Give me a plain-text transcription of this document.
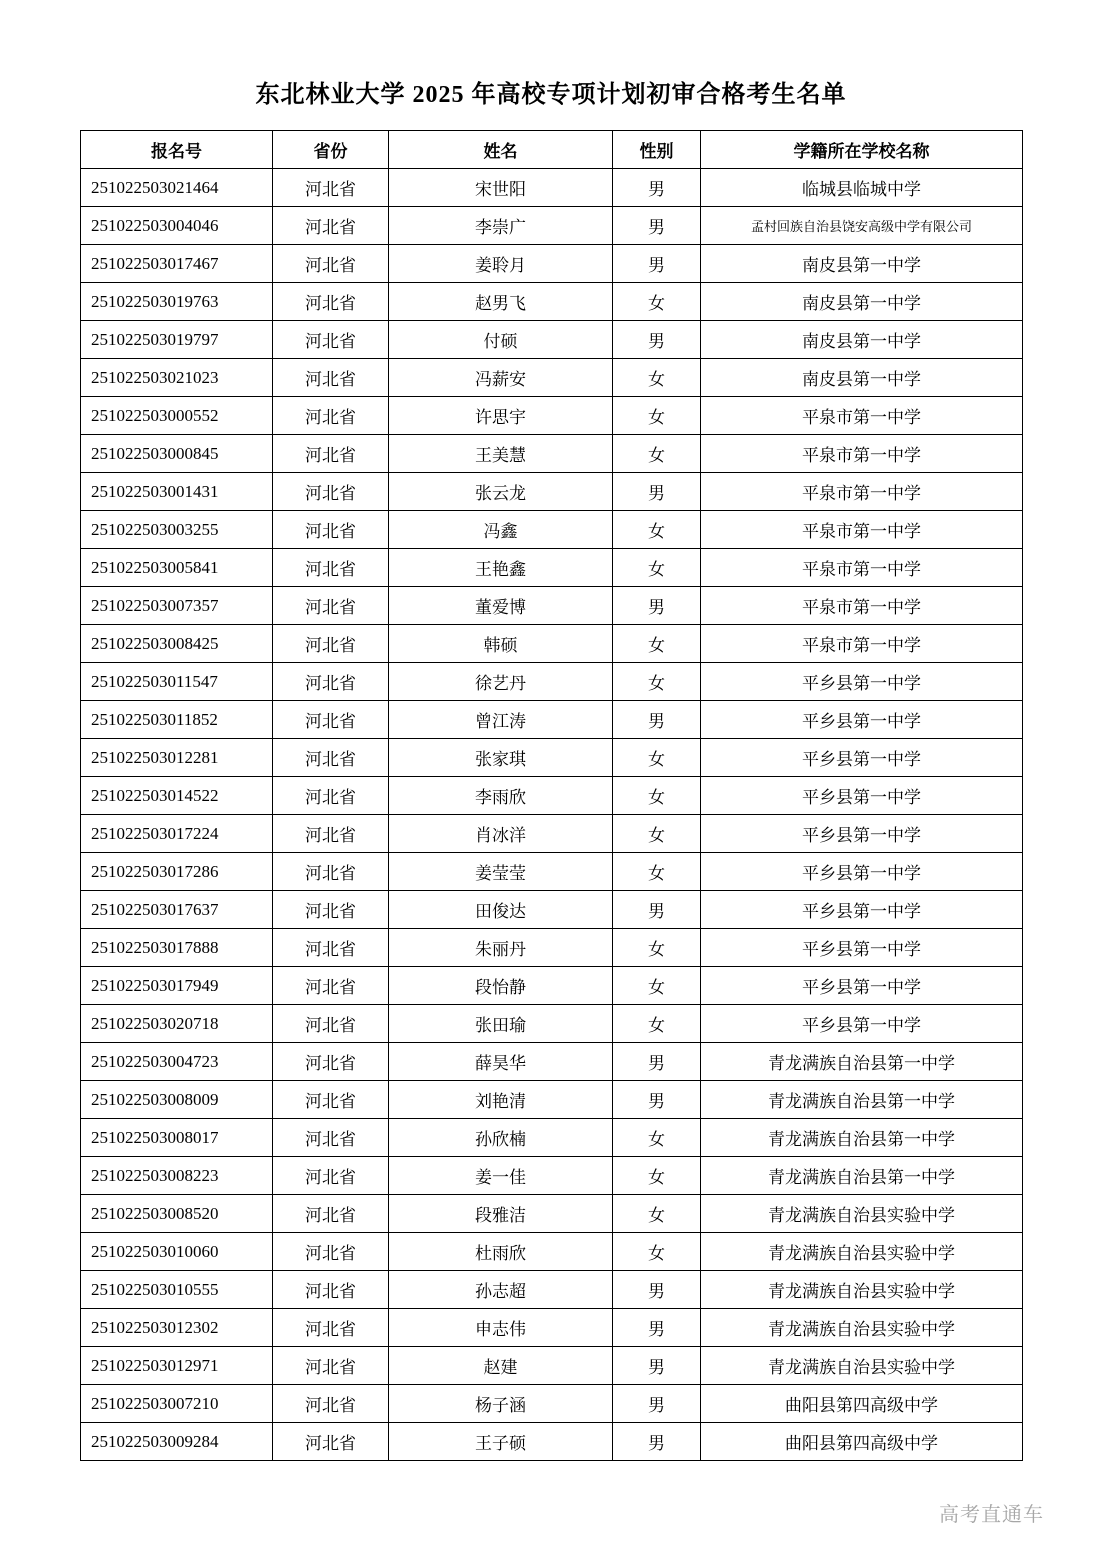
东北林业大学 2025 年高校专项计划初审合格考生名单
报名号	省份	姓名	性别	学籍所在学校名称
251022503021464	河北省	宋世阳	男	临城县临城中学
251022503004046	河北省	李崇广	男	孟村回族自治县饶安高级中学有限公司
251022503017467	河北省	姜聆月	男	南皮县第一中学
251022503019763	河北省	赵男飞	女	南皮县第一中学
251022503019797	河北省	付硕	男	南皮县第一中学
251022503021023	河北省	冯薪安	女	南皮县第一中学
251022503000552	河北省	许思宇	女	平泉市第一中学
251022503000845	河北省	王美慧	女	平泉市第一中学
251022503001431	河北省	张云龙	男	平泉市第一中学
251022503003255	河北省	冯鑫	女	平泉市第一中学
251022503005841	河北省	王艳鑫	女	平泉市第一中学
251022503007357	河北省	董爱博	男	平泉市第一中学
251022503008425	河北省	韩硕	女	平泉市第一中学
251022503011547	河北省	徐艺丹	女	平乡县第一中学
251022503011852	河北省	曾江涛	男	平乡县第一中学
251022503012281	河北省	张家琪	女	平乡县第一中学
251022503014522	河北省	李雨欣	女	平乡县第一中学
251022503017224	河北省	肖冰洋	女	平乡县第一中学
251022503017286	河北省	姜莹莹	女	平乡县第一中学
251022503017637	河北省	田俊达	男	平乡县第一中学
251022503017888	河北省	朱丽丹	女	平乡县第一中学
251022503017949	河北省	段怡静	女	平乡县第一中学
251022503020718	河北省	张田瑜	女	平乡县第一中学
251022503004723	河北省	薛昊华	男	青龙满族自治县第一中学
251022503008009	河北省	刘艳清	男	青龙满族自治县第一中学
251022503008017	河北省	孙欣楠	女	青龙满族自治县第一中学
251022503008223	河北省	姜一佳	女	青龙满族自治县第一中学
251022503008520	河北省	段雅洁	女	青龙满族自治县实验中学
251022503010060	河北省	杜雨欣	女	青龙满族自治县实验中学
251022503010555	河北省	孙志超	男	青龙满族自治县实验中学
251022503012302	河北省	申志伟	男	青龙满族自治县实验中学
251022503012971	河北省	赵建	男	青龙满族自治县实验中学
251022503007210	河北省	杨子涵	男	曲阳县第四高级中学
251022503009284	河北省	王子硕	男	曲阳县第四高级中学
高考直通车
